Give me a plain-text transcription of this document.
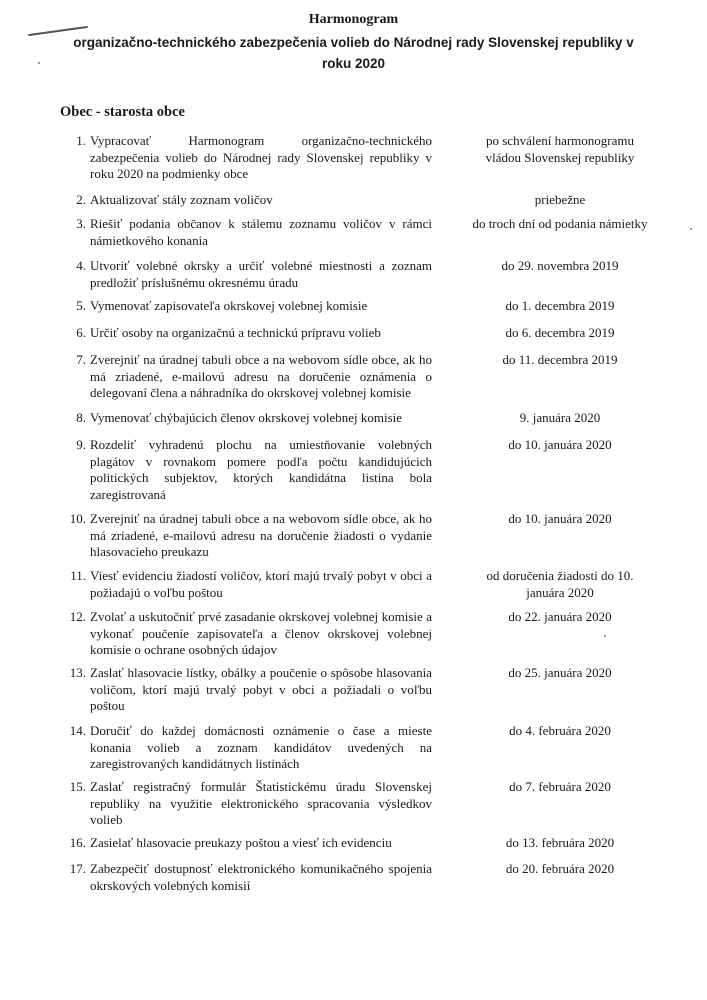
Harmonogram
organizačno-technického zabezpečenia volieb do Národnej rady Slovenskej republiky v
roku 2020
Obec - starosta obce
1. Vypracovať Harmonogram organizačno-technického zabezpečenia volieb do Národnej rady Slovenskej republiky v roku 2020 na podmienky obce
po schválení harmonogramu vládou Slovenskej republiky
2. Aktualizovať stály zoznam voličov	priebežne
3. Riešiť podania občanov k stálemu zoznamu voličov v rámci námietkového konania
do troch dní od podania námietky
4. Utvoriť volebné okrsky a určiť volebné miestnosti a zoznam predložiť príslušnému okresnému úradu
do 29. novembra 2019
5. Vymenovať zapisovateľa okrskovej volebnej komisie	do 1. decembra 2019
6. Určiť osoby na organizačnú a technickú prípravu volieb	do 6. decembra 2019
7. Zverejniť na úradnej tabuli obce a na webovom sídle obce, ak ho má zriadené, e-mailovú adresu na doručenie oznámenia o delegovaní člena a náhradníka do okrskovej volebnej komisie
do 11. decembra 2019
8. Vymenovať chýbajúcich členov okrskovej volebnej komisie	9. januára 2020
9. Rozdeliť vyhradenú plochu na umiestňovanie volebných plagátov v rovnakom pomere podľa počtu kandidujúcich politických subjektov, ktorých kandidátna listina bola zaregistrovaná
do 10. januára 2020
10. Zverejniť na úradnej tabuli obce a na webovom sídle obce, ak ho má zriadené, e-mailovú adresu na doručenie žiadosti o vydanie hlasovacieho preukazu
do 10. januára 2020
11. Viesť evidenciu žiadostí voličov, ktorí majú trvalý pobyt v obci a požiadajú o voľbu poštou
od doručenia žiadosti do 10. januára 2020
12. Zvolať a uskutočniť prvé zasadanie okrskovej volebnej komisie a vykonať poučenie zapisovateľa a členov okrskovej volebnej komisie o ochrane osobných údajov
do 22. januára 2020
13. Zaslať hlasovacie lístky, obálky a poučenie o spôsobe hlasovania voličom, ktorí majú trvalý pobyt v obci a požiadali o voľbu poštou
do 25. januára 2020
14. Doručiť do každej domácnosti oznámenie o čase a mieste konania volieb a zoznam kandidátov uvedených na zaregistrovaných kandidátnych listinách
do 4. februára 2020
15. Zaslať registračný formulár Štatistickému úradu Slovenskej republiky na využitie elektronického spracovania výsledkov volieb
do 7. februára 2020
16. Zasielať hlasovacie preukazy poštou a viesť ich evidenciu	do 13. februára 2020
17. Zabezpečiť dostupnosť elektronického komunikačného spojenia okrskových volebných komisií
do 20. februára 2020
